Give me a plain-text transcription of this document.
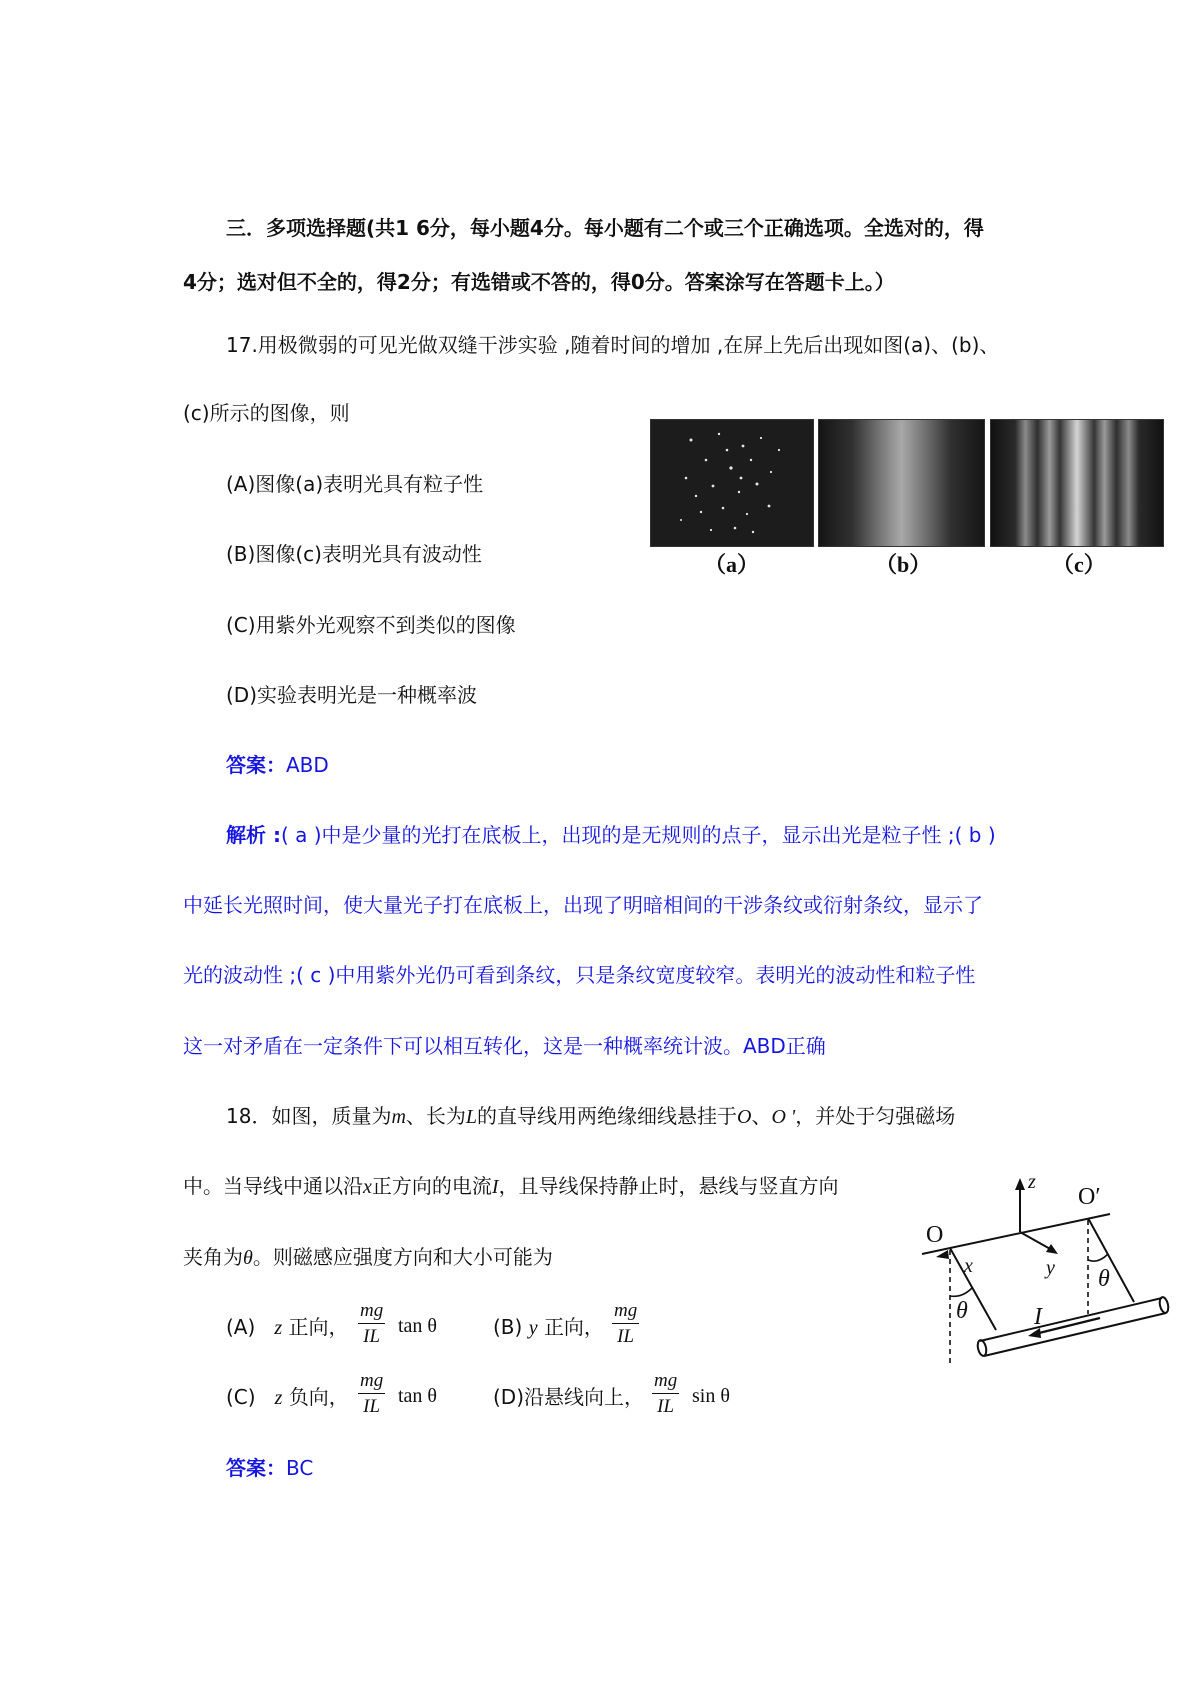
三．多项选择题(共1 6分，每小题4分。每小题有二个或三个正确选项。全选对的，得
4分；选对但不全的，得2分；有选错或不答的，得0分。答案涂写在答题卡上。）
17.用极微弱的可见光做双缝干涉实验 ,随着时间的增加 ,在屏上先后出现如图(a)、(b)、
(c)所示的图像，则
(A)图像(a)表明光具有粒子性
(B)图像(c)表明光具有波动性
(C)用紫外光观察不到类似的图像
(D)实验表明光是一种概率波
（a）	（b）	（c）
答案：ABD
解析 :( a )中是少量的光打在底板上，出现的是无规则的点子，显示出光是粒子性 ;( b )
中延长光照时间，使大量光子打在底板上，出现了明暗相间的干涉条纹或衍射条纹，显示了
光的波动性 ;( c )中用紫外光仍可看到条纹，只是条纹宽度较窄。表明光的波动性和粒子性
这一对矛盾在一定条件下可以相互转化，这是一种概率统计波。ABD正确
18．如图，质量为m、长为L的直导线用两绝缘细线悬挂于O、O '，并处于匀强磁场
中。当导线中通以沿x正方向的电流I，且导线保持静止时，悬线与竖直方向
夹角为θ。则磁感应强度方向和大小可能为
(A) z 正向，
mg
IL tan θ	(B) y 正向，
mg
IL
(C) z 负向，
mg
IL tan θ	(D)沿悬线向上，
mg
IL sin θ
答案：BC
z
x	y θ
θ	I
O
O′
